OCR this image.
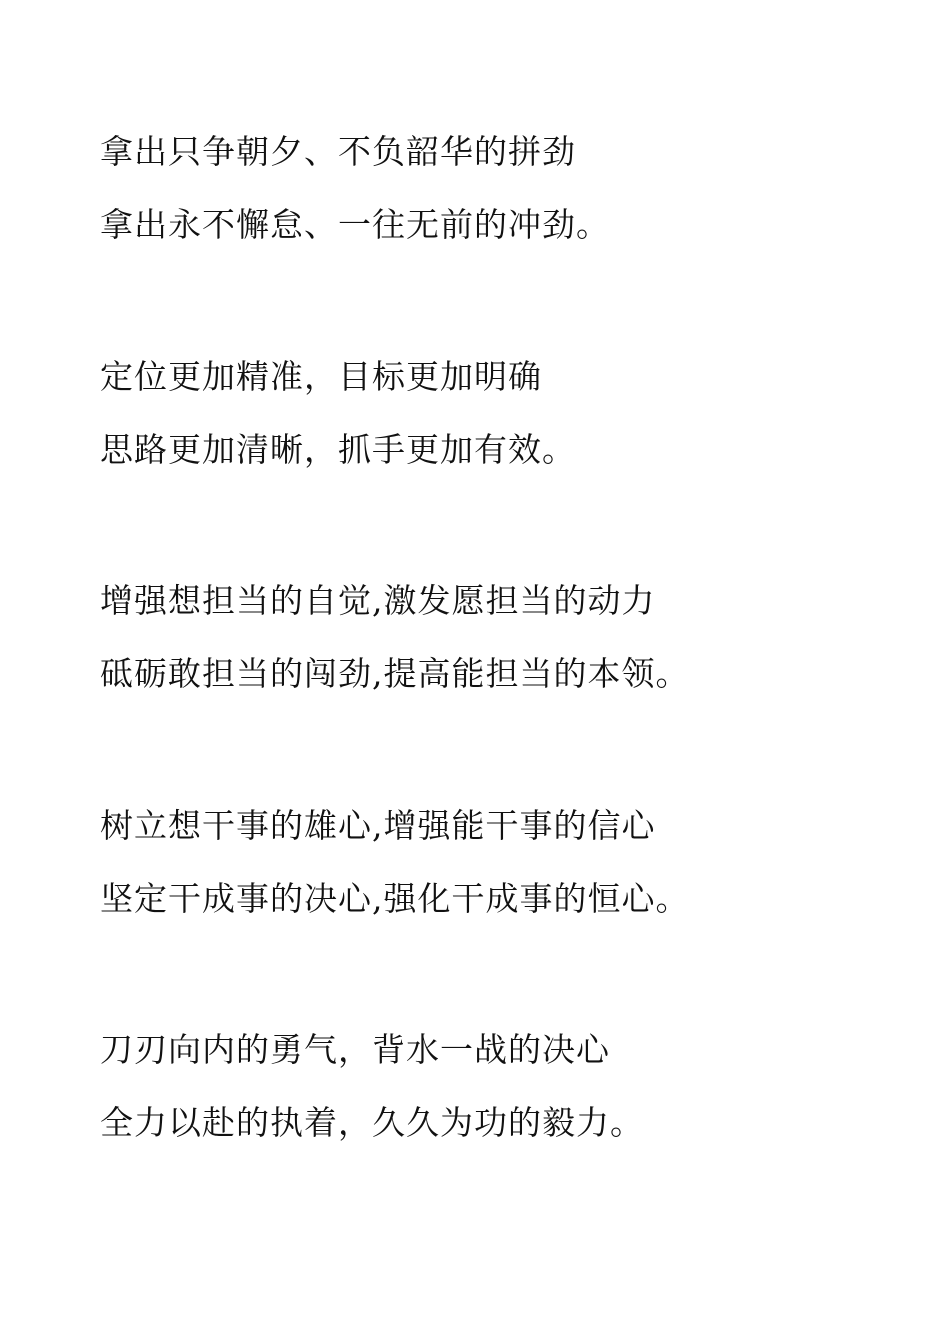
拿出只争朝夕、不负韶华的拼劲

拿出永不懈怠、一往无前的冲劲。

定位更加精准，目标更加明确

思路更加清晰，抓手更加有效。

增强想担当的自觉,激发愿担当的动力

砥砺敢担当的闯劲,提高能担当的本领。

树立想干事的雄心,增强能干事的信心

坚定干成事的决心,强化干成事的恒心。

刀刃向内的勇气，背水一战的决心

全力以赴的执着，久久为功的毅力。
